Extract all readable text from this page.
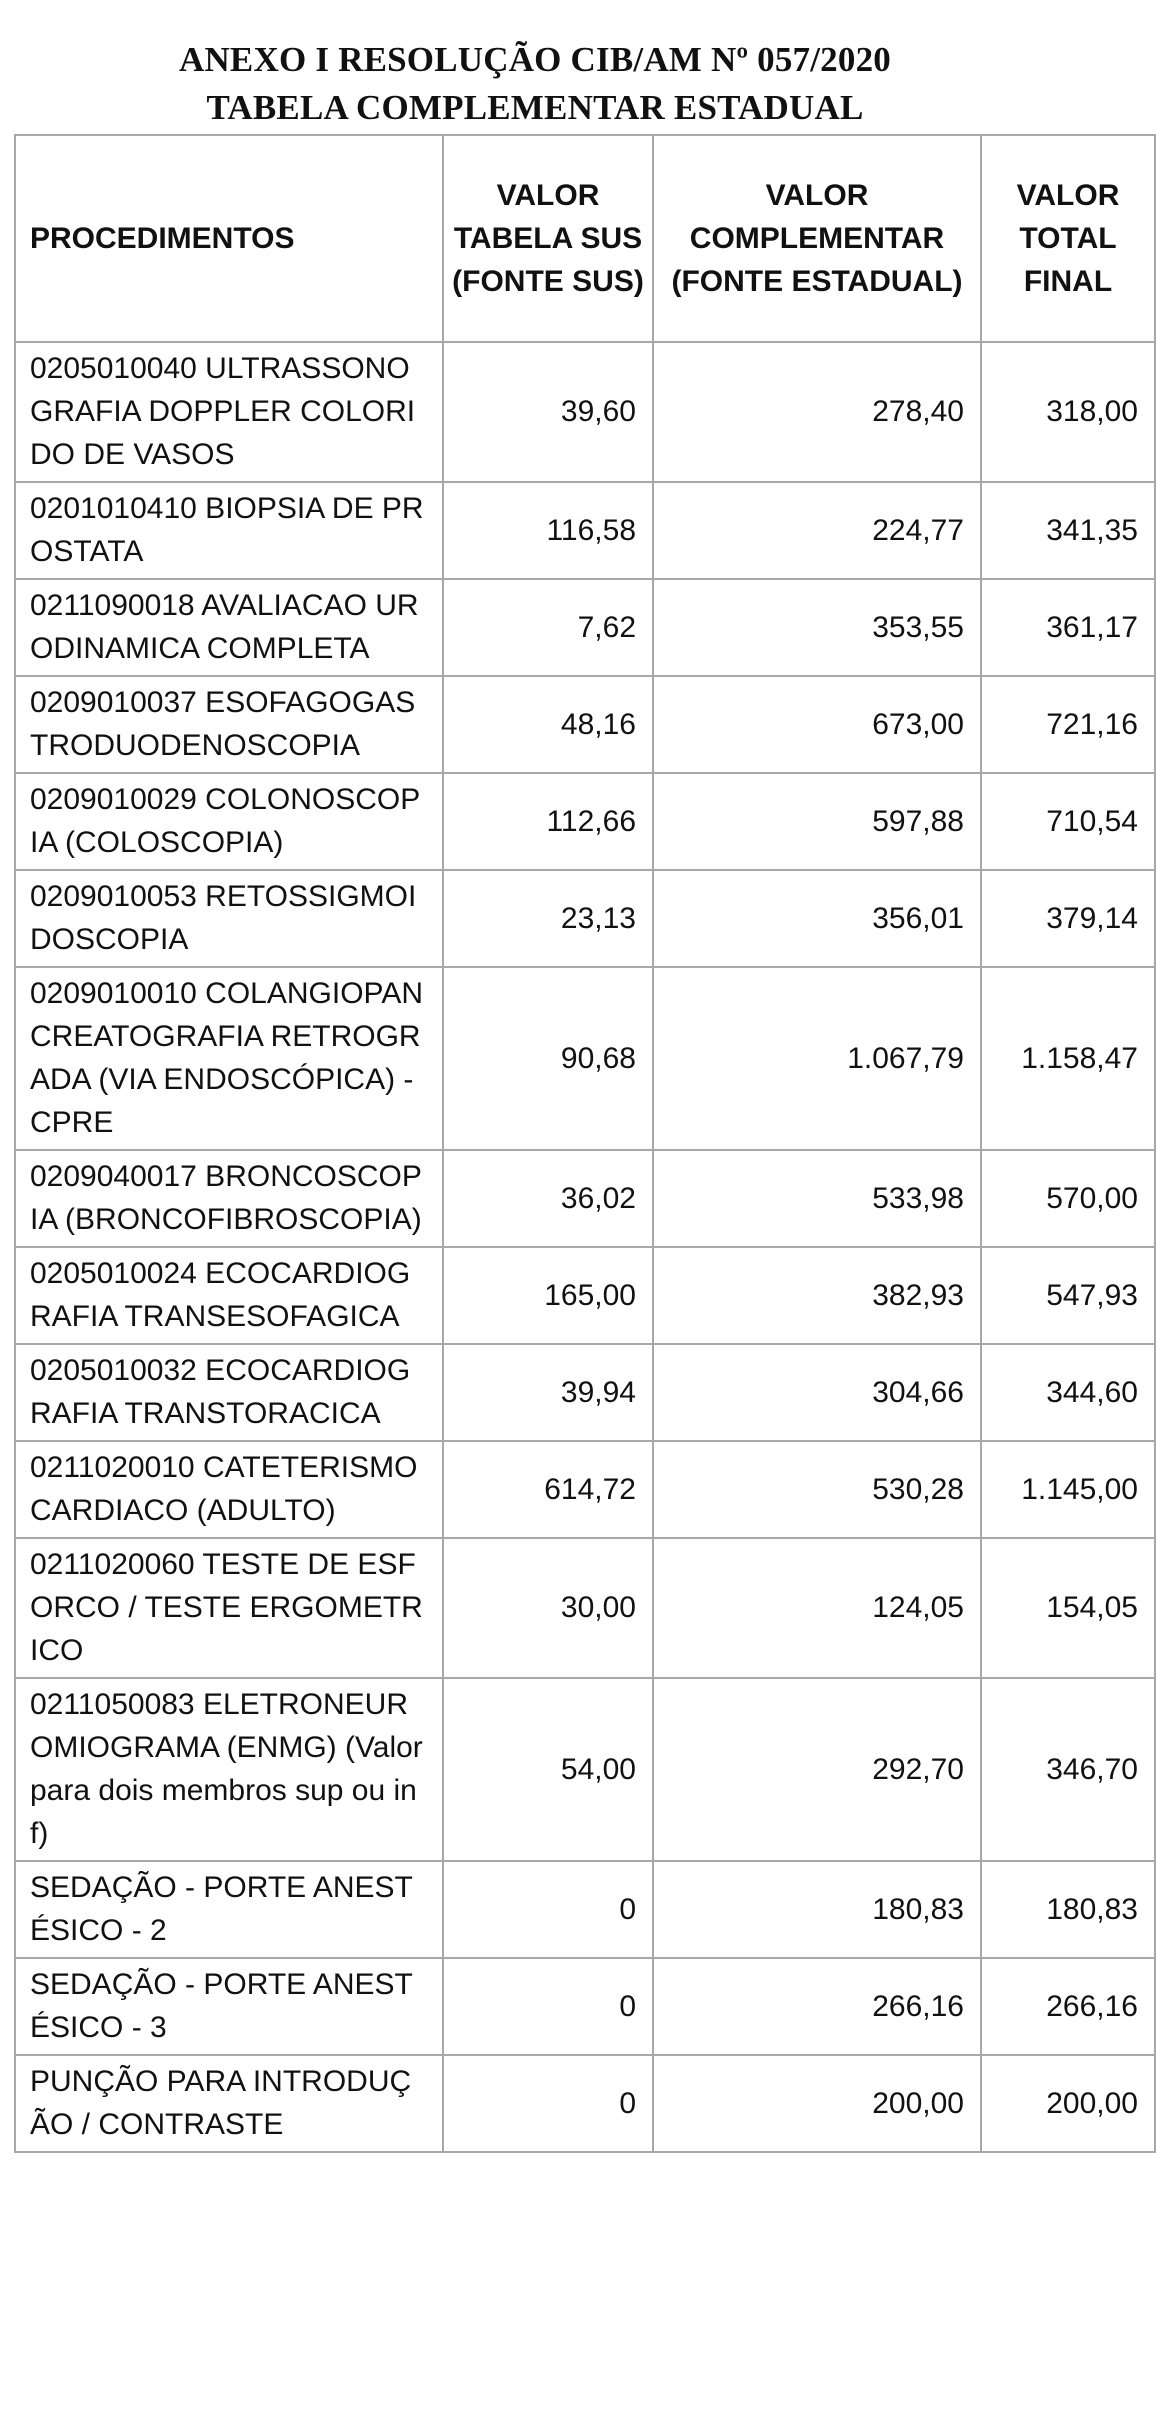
ANEXO I RESOLUÇÃO CIB/AM Nº 057/2020
TABELA COMPLEMENTAR ESTADUAL
PROCEDIMENTOS	VALOR TABELA SUS (FONTE SUS)	VALOR COMPLEMENTAR (FONTE ESTADUAL)	VALOR TOTAL FINAL
0205010040 ULTRASSONOGRAFIA DOPPLER COLORIDO DE VASOS	39,60	278,40	318,00
0201010410 BIOPSIA DE PROSTATA	116,58	224,77	341,35
0211090018 AVALIACAO URODINAMICA COMPLETA	7,62	353,55	361,17
0209010037 ESOFAGOGASTRODUODENOSCOPIA	48,16	673,00	721,16
0209010029 COLONOSCOPIA (COLOSCOPIA)	112,66	597,88	710,54
0209010053 RETOSSIGMOIDOSCOPIA	23,13	356,01	379,14
0209010010 COLANGIOPANCREATOGRAFIA RETROGRADA (VIA ENDOSCÓPICA) - CPRE	90,68	1.067,79	1.158,47
0209040017 BRONCOSCOPIA (BRONCOFIBROSCOPIA)	36,02	533,98	570,00
0205010024 ECOCARDIOGRAFIA TRANSESOFAGICA	165,00	382,93	547,93
0205010032 ECOCARDIOGRAFIA TRANSTORACICA	39,94	304,66	344,60
0211020010 CATETERISMO CARDIACO (ADULTO)	614,72	530,28	1.145,00
0211020060 TESTE DE ESFORCO / TESTE ERGOMETRICO	30,00	124,05	154,05
0211050083 ELETRONEUROMIOGRAMA (ENMG) (Valor para dois membros sup ou inf)	54,00	292,70	346,70
SEDAÇÃO - PORTE ANESTÉSICO - 2	0	180,83	180,83
SEDAÇÃO - PORTE ANESTÉSICO - 3	0	266,16	266,16
PUNÇÃO PARA INTRODUÇÃO / CONTRASTE	0	200,00	200,00
